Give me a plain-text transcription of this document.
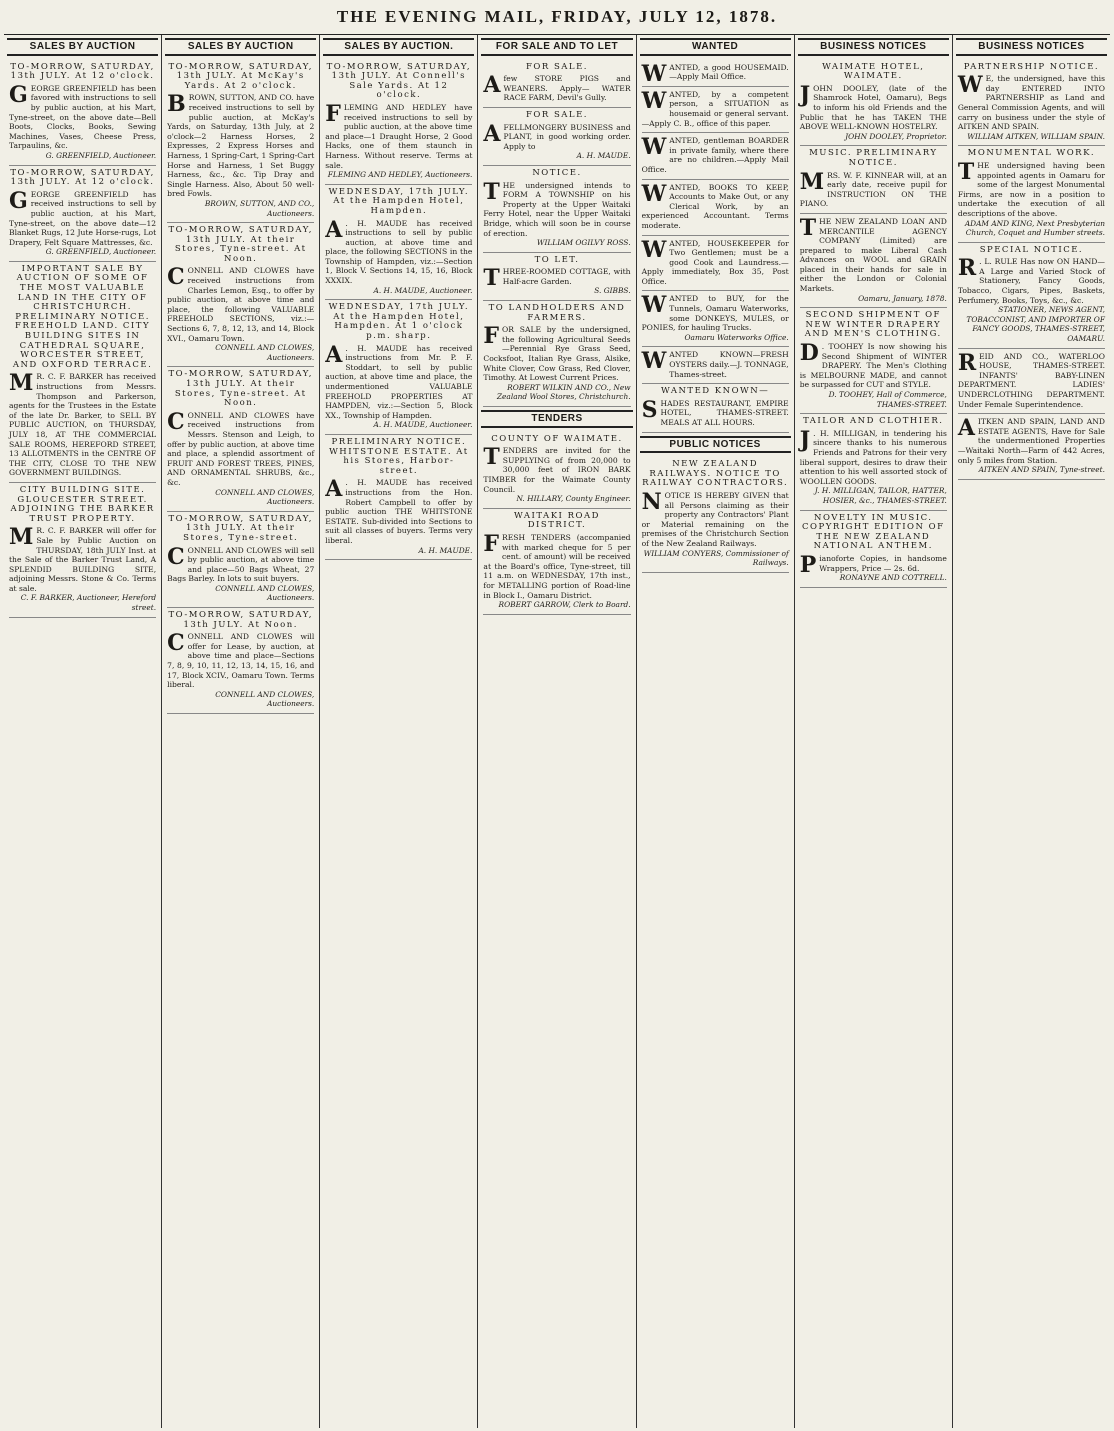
THE EVENING MAIL, FRIDAY, JULY 12, 1878.
SALES BY AUCTION
TO-MORROW, SATURDAY, 13th JULY. At 12 o'clock.
GEORGE GREENFIELD has been favored with instructions to sell by public auction, at his Mart, Tyne-street, on the above date—Bell Boots, Clocks, Books, Sewing Machines, Vases, Cheese Press, Tarpaulins, &c.
G. GREENFIELD, Auctioneer.
TO-MORROW, SATURDAY, 13th JULY. At 12 o'clock.
GEORGE GREENFIELD has received instructions to sell by public auction, at his Mart, Tyne-street, on the above date—12 Blanket Rugs, 12 Jute Horse-rugs, Lot Drapery, Felt Square Mattresses, &c.
G. GREENFIELD, Auctioneer.
IMPORTANT SALE BY AUCTION OF SOME OF THE MOST VALUABLE LAND IN THE CITY OF CHRISTCHURCH. PRELIMINARY NOTICE. FREEHOLD LAND. CITY BUILDING SITES IN CATHEDRAL SQUARE, WORCESTER STREET, AND OXFORD TERRACE.
M R. C. F. BARKER has received instructions from Messrs. Thompson and Parkerson, agents for the Trustees in the Estate of the late Dr. Barker, to SELL BY PUBLIC AUCTION, on THURSDAY, JULY 18, AT THE COMMERCIAL SALE ROOMS, HEREFORD STREET, 13 ALLOTMENTS in the CENTRE OF THE CITY, CLOSE TO THE NEW GOVERNMENT BUILDINGS.
CITY BUILDING SITE. GLOUCESTER STREET. ADJOINING THE BARKER TRUST PROPERTY.
M R. C. F. BARKER will offer for Sale by Public Auction on THURSDAY, 18th JULY Inst. at the Sale of the Barker Trust Land, A SPLENDID BUILDING SITE, adjoining Messrs. Stone & Co. Terms at sale.
C. F. BARKER, Auctioneer, Hereford street.
SALES BY AUCTION
TO-MORROW, SATURDAY, 13th JULY. At McKay's Yards. At 2 o'clock.
BROWN, SUTTON, AND CO. have received instructions to sell by public auction, at McKay's Yards, on Saturday, 13th July, at 2 o'clock—2 Harness Horses, 2 Expresses, 2 Express Horses and Harness, 1 Spring-Cart, 1 Spring-Cart Horse and Harness, 1 Set Buggy Harness, &c., &c. Tip Dray and Single Harness. Also, About 50 well-bred Fowls.
BROWN, SUTTON, AND CO., Auctioneers.
TO-MORROW, SATURDAY, 13th JULY. At their Stores, Tyne-street. At Noon.
CONNELL AND CLOWES have received instructions from Charles Lemon, Esq., to offer by public auction, at above time and place, the following VALUABLE FREEHOLD SECTIONS, viz.:—Sections 6, 7, 8, 12, 13, and 14, Block XVI., Oamaru Town.
CONNELL AND CLOWES, Auctioneers.
TO-MORROW, SATURDAY, 13th JULY. At their Stores, Tyne-street. At Noon.
CONNELL AND CLOWES have received instructions from Messrs. Stenson and Leigh, to offer by public auction, at above time and place, a splendid assortment of FRUIT AND FOREST TREES, PINES, AND ORNAMENTAL SHRUBS, &c., &c.
CONNELL AND CLOWES, Auctioneers.
TO-MORROW, SATURDAY, 13th JULY. At their Stores, Tyne-street.
CONNELL AND CLOWES will sell by public auction, at above time and place—50 Bags Wheat, 27 Bags Barley. In lots to suit buyers.
CONNELL AND CLOWES, Auctioneers.
TO-MORROW, SATURDAY, 13th JULY. At Noon.
CONNELL AND CLOWES will offer for Lease, by auction, at above time and place—Sections 7, 8, 9, 10, 11, 12, 13, 14, 15, 16, and 17, Block XCIV., Oamaru Town. Terms liberal.
CONNELL AND CLOWES, Auctioneers.
SALES BY AUCTION.
TO-MORROW, SATURDAY, 13th JULY. At Connell's Sale Yards. At 12 o'clock.
FLEMING AND HEDLEY have received instructions to sell by public auction, at the above time and place—1 Draught Horse, 2 Good Hacks, one of them staunch in Harness. Without reserve. Terms at sale.
FLEMING AND HEDLEY, Auctioneers.
WEDNESDAY, 17th JULY. At the Hampden Hotel, Hampden.
A . H. MAUDE has received instructions to sell by public auction, at above time and place, the following SECTIONS in the Township of Hampden, viz.:—Section 1, Block V. Sections 14, 15, 16, Block XXXIX.
A. H. MAUDE, Auctioneer.
WEDNESDAY, 17th JULY. At the Hampden Hotel, Hampden. At 1 o'clock p.m. sharp.
A . H. MAUDE has received instructions from Mr. P. F. Stoddart, to sell by public auction, at above time and place, the undermentioned VALUABLE FREEHOLD PROPERTIES AT HAMPDEN, viz.:—Section 5, Block XX., Township of Hampden.
A. H. MAUDE, Auctioneer.
PRELIMINARY NOTICE. WHITSTONE ESTATE. At his Stores, Harbor-street.
A . H. MAUDE has received instructions from the Hon. Robert Campbell to offer by public auction THE WHITSTONE ESTATE. Sub-divided into Sections to suit all classes of buyers. Terms very liberal.
A. H. MAUDE.
FOR SALE AND TO LET
FOR SALE.
A few STORE PIGS and WEANERS. Apply— WATER RACE FARM, Devil's Gully.
FOR SALE.
A FELLMONGERY BUSINESS and PLANT, in good working order. Apply to
A. H. MAUDE.
NOTICE.
THE undersigned intends to FORM A TOWNSHIP on his Property at the Upper Waitaki Ferry Hotel, near the Upper Waitaki Bridge, which will soon be in course of erection.
WILLIAM OGILVY ROSS.
TO LET.
THREE-ROOMED COTTAGE, with Half-acre Garden.
S. GIBBS.
TO LANDHOLDERS AND FARMERS.
FOR SALE by the undersigned, the following Agricultural Seeds—Perennial Rye Grass Seed, Cocksfoot, Italian Rye Grass, Alsike, White Clover, Cow Grass, Red Clover, Timothy. At Lowest Current Prices.
ROBERT WILKIN AND CO., New Zealand Wool Stores, Christchurch.
TENDERS
COUNTY OF WAIMATE.
TENDERS are invited for the SUPPLYING of from 20,000 to 30,000 feet of IRON BARK TIMBER for the Waimate County Council.
N. HILLARY, County Engineer.
WAITAKI ROAD DISTRICT.
FRESH TENDERS (accompanied with marked cheque for 5 per cent. of amount) will be received at the Board's office, Tyne-street, till 11 a.m. on WEDNESDAY, 17th inst., for METALLING portion of Road-line in Block I., Oamaru District.
ROBERT GARROW, Clerk to Board.
WANTED
WANTED, a good HOUSEMAID.—Apply Mail Office.
WANTED, by a competent person, a SITUATION as housemaid or general servant.—Apply C. B., office of this paper.
WANTED, gentleman BOARDER in private family, where there are no children.—Apply Mail Office.
WANTED, BOOKS TO KEEP, Accounts to Make Out, or any Clerical Work, by an experienced Accountant. Terms moderate.
WANTED, HOUSEKEEPER for Two Gentlemen; must be a good Cook and Laundress.—Apply immediately, Box 35, Post Office.
WANTED to BUY, for the Tunnels, Oamaru Waterworks, some DONKEYS, MULES, or PONIES, for hauling Trucks.
Oamaru Waterworks Office.
WANTED KNOWN—FRESH OYSTERS daily.—J. TONNAGE, Thames-street.
WANTED KNOWN—
SHADES RESTAURANT, EMPIRE HOTEL, THAMES-STREET. MEALS AT ALL HOURS.
PUBLIC NOTICES
NEW ZEALAND RAILWAYS. NOTICE TO RAILWAY CONTRACTORS.
NOTICE IS HEREBY GIVEN that all Persons claiming as their property any Contractors' Plant or Material remaining on the premises of the Christchurch Section of the New Zealand Railways.
WILLIAM CONYERS, Commissioner of Railways.
BUSINESS NOTICES
WAIMATE HOTEL, WAIMATE.
JOHN DOOLEY, (late of the Shamrock Hotel, Oamaru), Begs to inform his old Friends and the Public that he has TAKEN THE ABOVE WELL-KNOWN HOSTELRY.
JOHN DOOLEY, Proprietor.
MUSIC. PRELIMINARY NOTICE.
MRS. W. F. KINNEAR will, at an early date, receive pupil for INSTRUCTION ON THE PIANO.
THE NEW ZEALAND LOAN AND MERCANTILE AGENCY COMPANY (Limited) are prepared to make Liberal Cash Advances on WOOL and GRAIN placed in their hands for sale in either the London or Colonial Markets.
Oamaru, January, 1878.
SECOND SHIPMENT OF NEW WINTER DRAPERY AND MEN'S CLOTHING.
D . TOOHEY Is now showing his Second Shipment of WINTER DRAPERY. The Men's Clothing is MELBOURNE MADE, and cannot be surpassed for CUT and STYLE.
D. TOOHEY, Hall of Commerce, THAMES-STREET.
TAILOR AND CLOTHIER.
J . H. MILLIGAN, in tendering his sincere thanks to his numerous Friends and Patrons for their very liberal support, desires to draw their attention to his well assorted stock of WOOLLEN GOODS.
J. H. MILLIGAN, TAILOR, HATTER, HOSIER, &c., THAMES-STREET.
NOVELTY IN MUSIC. COPYRIGHT EDITION OF THE NEW ZEALAND NATIONAL ANTHEM.
Pianoforte Copies, in handsome Wrappers, Price — 2s. 6d.
RONAYNE AND COTTRELL.
BUSINESS NOTICES
PARTNERSHIP NOTICE.
W E, the undersigned, have this day ENTERED INTO PARTNERSHIP as Land and General Commission Agents, and will carry on business under the style of AITKEN AND SPAIN.
WILLIAM AITKEN, WILLIAM SPAIN.
MONUMENTAL WORK.
THE undersigned having been appointed agents in Oamaru for some of the largest Monumental Firms, are now in a position to undertake the execution of all descriptions of the above.
ADAM AND KING, Next Presbyterian Church, Coquet and Humber streets.
SPECIAL NOTICE.
R . L. RULE Has now ON HAND—A Large and Varied Stock of Stationery, Fancy Goods, Tobacco, Cigars, Pipes, Baskets, Perfumery, Books, Toys, &c., &c.
STATIONER, NEWS AGENT, TOBACCONIST, AND IMPORTER OF FANCY GOODS, THAMES-STREET, OAMARU.
REID AND CO., WATERLOO HOUSE, THAMES-STREET. INFANTS' BABY-LINEN DEPARTMENT. LADIES' UNDERCLOTHING DEPARTMENT. Under Female Superintendence.
AITKEN AND SPAIN, LAND AND ESTATE AGENTS, Have for Sale the undermentioned Properties—Waitaki North—Farm of 442 Acres, only 5 miles from Station.
AITKEN AND SPAIN, Tyne-street.
